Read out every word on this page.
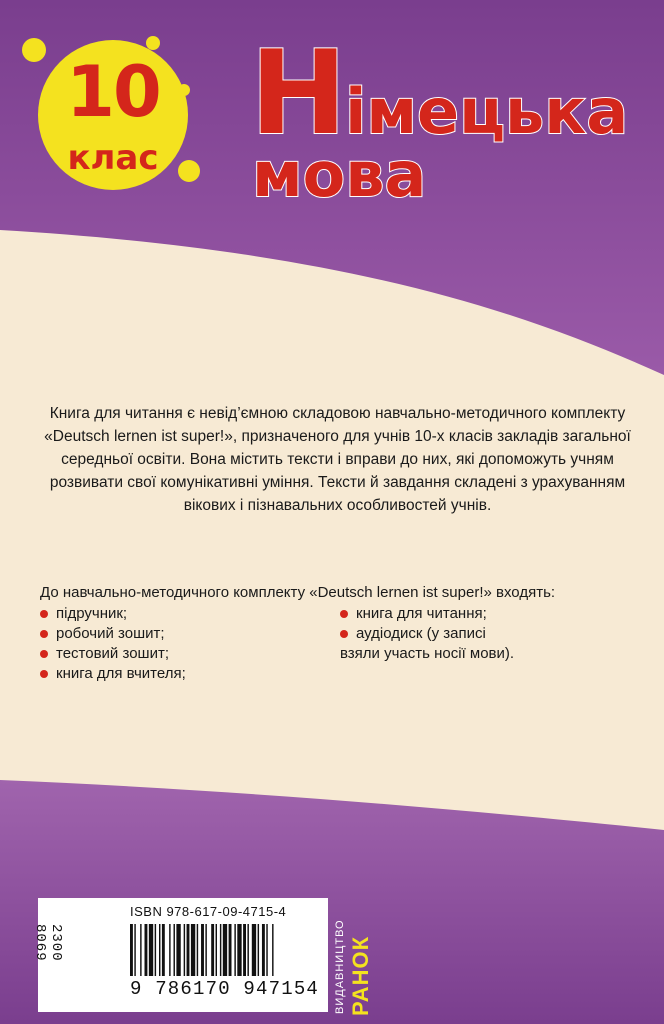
10
клас Німецька
мова
Книга для читання є невід’ємною складовою навчально-методичного комплекту «Deutsch lernen ist super!», призначеного для учнів 10-х класів закладів загальної середньої освіти. Вона містить тексти і вправи до них, які допоможуть учням розвивати свої комунікативні уміння. Тексти й завдання складені з урахуванням вікових і пізнавальних особливостей учнів.
До навчально-методичного комплекту «Deutsch lernen ist super!» входять:
підручник;
робочий зошит;
тестовий зошит;
книга для вчителя;
книга для читання;
аудіодиск (у записі
взяли участь носії мови).
ISBN 978-617-09-4715-4
2300 8069
9 786170 947154 ВИДАВНИЦТВО РАНОК
